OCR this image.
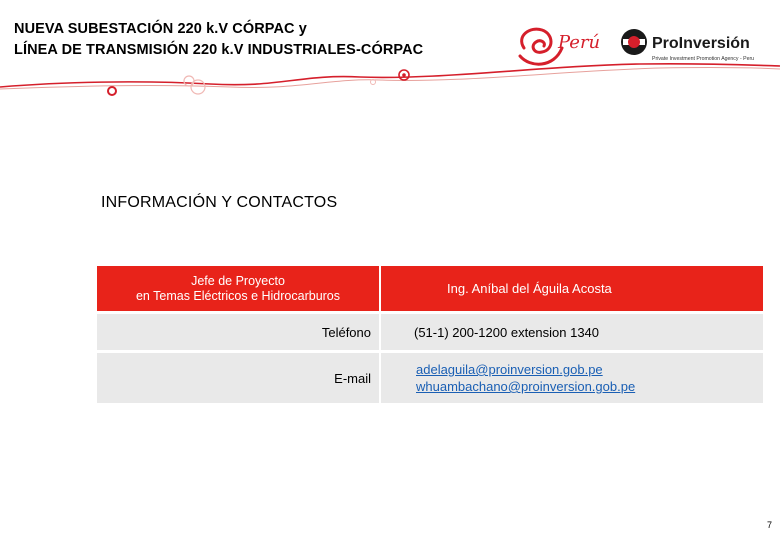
NUEVA SUBESTACIÓN 220 k.V CÓRPAC y
LÍNEA DE TRANSMISIÓN 220 k.V INDUSTRIALES-CÓRPAC	Perú	ProInversión
Private Investment Promotion Agency - Peru
INFORMACIÓN Y CONTACTOS
Jefe de Proyecto
en Temas Eléctricos e Hidrocarburos	Ing. Aníbal del Águila Acosta
Teléfono	(51-1) 200-1200 extension 1340
E-mail	adelaguila@proinversion.gob.pe
whuambachano@proinversion.gob.pe
7
